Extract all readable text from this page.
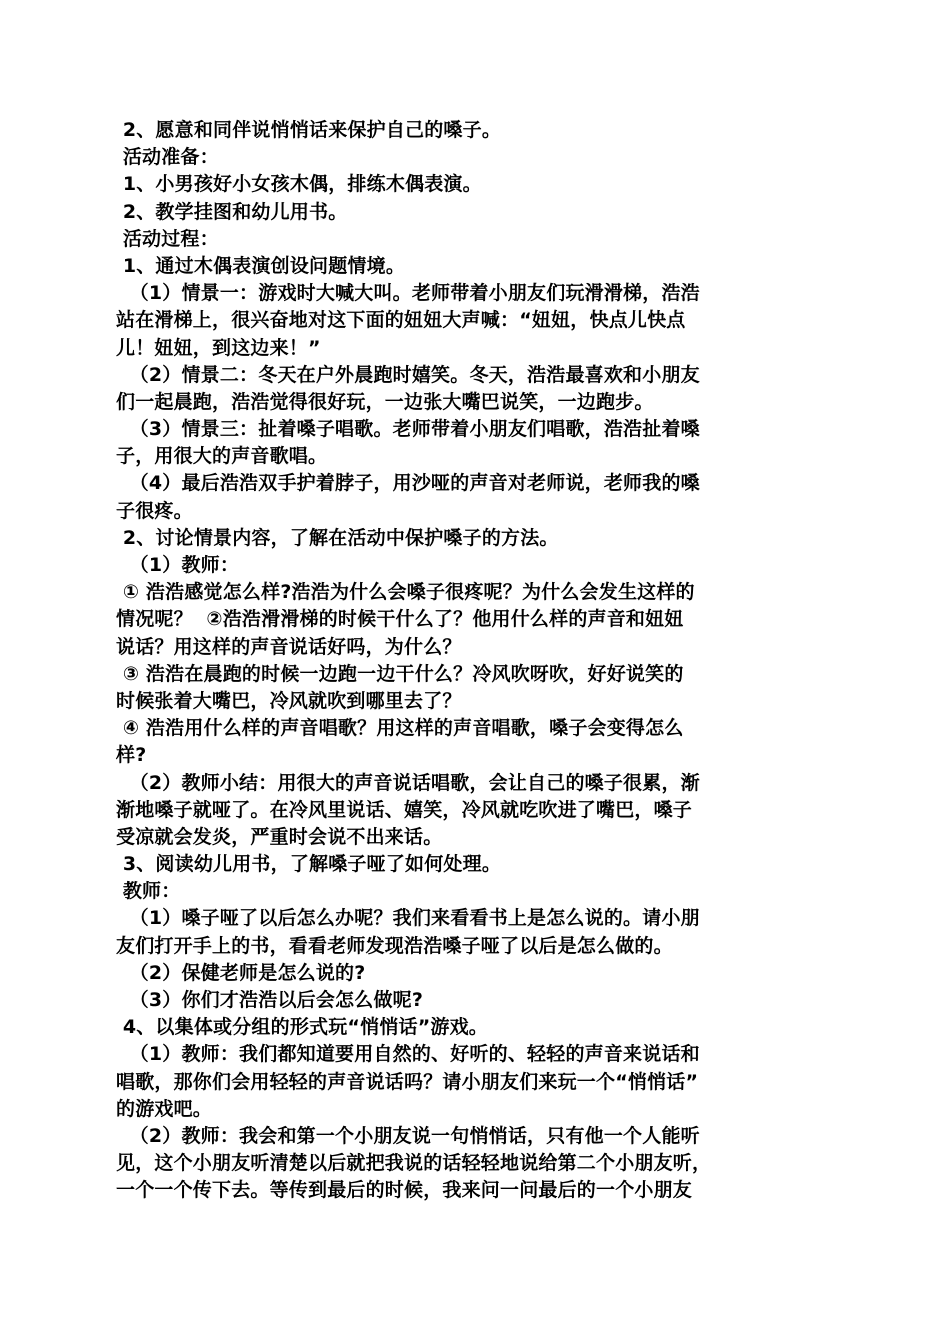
2、愿意和同伴说悄悄话来保护自己的嗓子。
活动准备：
1、小男孩好小女孩木偶，排练木偶表演。
2、教学挂图和幼儿用书。
活动过程：
1、通过木偶表演创设问题情境。
（1）情景一：游戏时大喊大叫。老师带着小朋友们玩滑滑梯，浩浩
站在滑梯上，很兴奋地对这下面的妞妞大声喊：“妞妞，快点儿快点
儿！妞妞，到这边来！”
（2）情景二：冬天在户外晨跑时嬉笑。冬天，浩浩最喜欢和小朋友
们一起晨跑，浩浩觉得很好玩，一边张大嘴巴说笑，一边跑步。
（3）情景三：扯着嗓子唱歌。老师带着小朋友们唱歌，浩浩扯着嗓
子，用很大的声音歌唱。
（4）最后浩浩双手护着脖子，用沙哑的声音对老师说，老师我的嗓
子很疼。
2、讨论情景内容，了解在活动中保护嗓子的方法。
（1）教师：
① 浩浩感觉怎么样?浩浩为什么会嗓子很疼呢？为什么会发生这样的
情况呢？  ②浩浩滑滑梯的时候干什么了？他用什么样的声音和妞妞
说话？用这样的声音说话好吗，为什么？
③ 浩浩在晨跑的时候一边跑一边干什么？冷风吹呀吹，好好说笑的
时候张着大嘴巴，冷风就吹到哪里去了？
④ 浩浩用什么样的声音唱歌？用这样的声音唱歌，嗓子会变得怎么
样?
（2）教师小结：用很大的声音说话唱歌，会让自己的嗓子很累，渐
渐地嗓子就哑了。在冷风里说话、嬉笑，冷风就吃吹进了嘴巴，嗓子
受凉就会发炎，严重时会说不出来话。
3、阅读幼儿用书，了解嗓子哑了如何处理。
教师：
（1）嗓子哑了以后怎么办呢？我们来看看书上是怎么说的。请小朋
友们打开手上的书，看看老师发现浩浩嗓子哑了以后是怎么做的。
（2）保健老师是怎么说的?
（3）你们才浩浩以后会怎么做呢?
4、以集体或分组的形式玩“悄悄话”游戏。
（1）教师：我们都知道要用自然的、好听的、轻轻的声音来说话和
唱歌，那你们会用轻轻的声音说话吗？请小朋友们来玩一个“悄悄话”
的游戏吧。
（2）教师：我会和第一个小朋友说一句悄悄话，只有他一个人能听
见，这个小朋友听清楚以后就把我说的话轻轻地说给第二个小朋友听，
一个一个传下去。等传到最后的时候，我来问一问最后的一个小朋友
